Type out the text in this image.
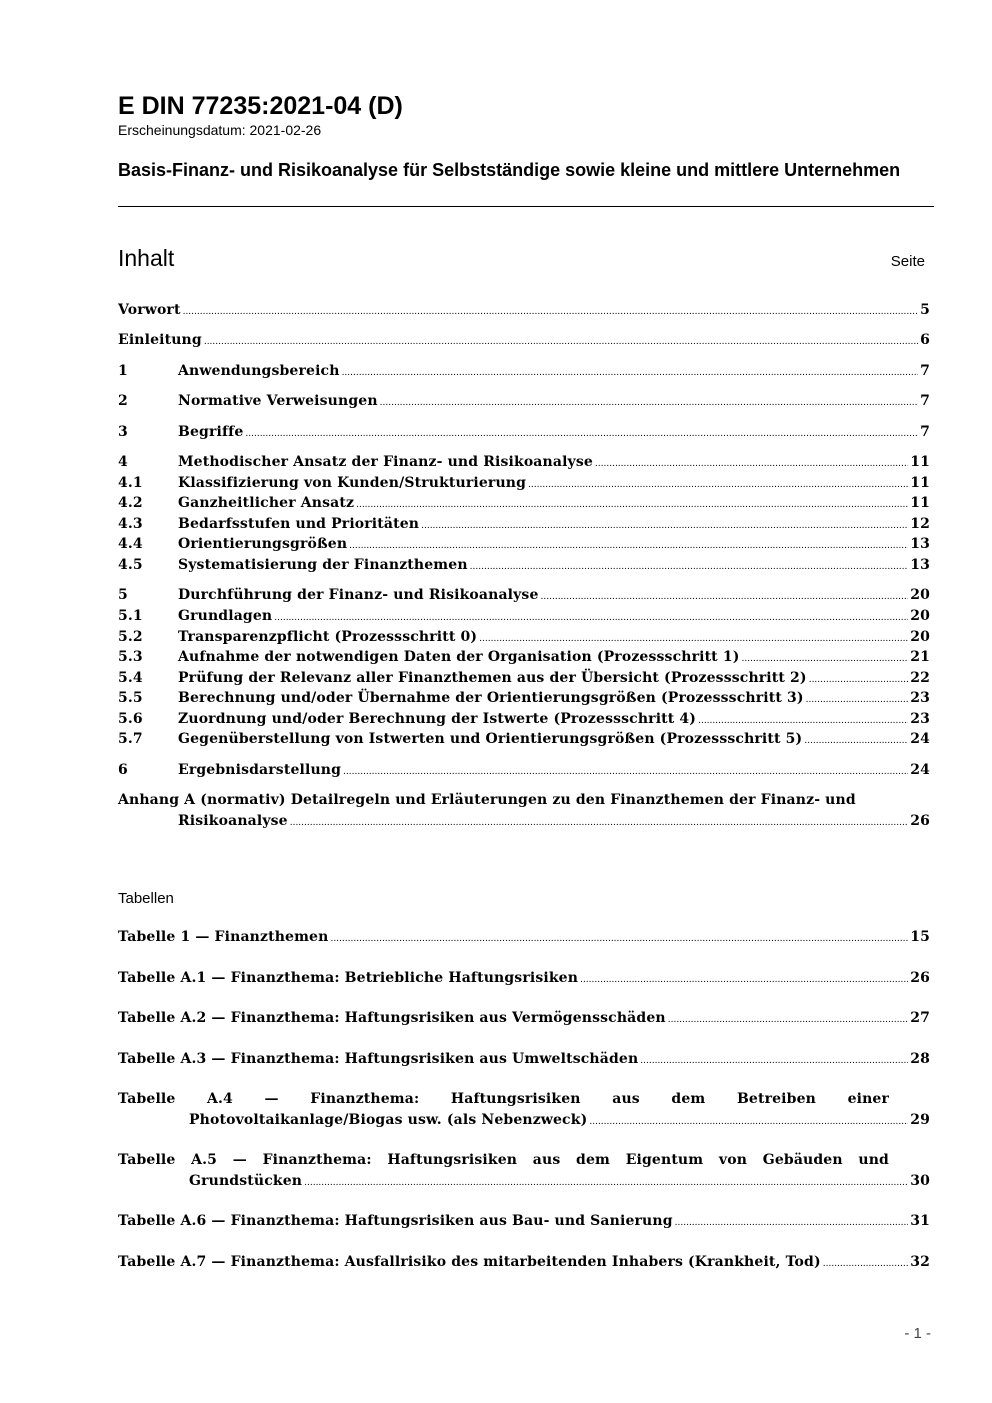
E DIN 77235:2021-04 (D)
Erscheinungsdatum: 2021-02-26
Basis-Finanz- und Risikoanalyse für Selbstständige sowie kleine und mittlere Unternehmen
Inhalt	Seite
Vorwort .....	5
Einleitung .....	6
1	Anwendungsbereich .....	7
2	Normative Verweisungen .....	7
3	Begriffe .....	7
4	Methodischer Ansatz der Finanz- und Risikoanalyse .....	11
4.1	Klassifizierung von Kunden/Strukturierung .....	11
4.2	Ganzheitlicher Ansatz .....	11
4.3	Bedarfsstufen und Prioritäten .....	12
4.4	Orientierungsgrößen .....	13
4.5	Systematisierung der Finanzthemen .....	13
5	Durchführung der Finanz- und Risikoanalyse .....	20
5.1	Grundlagen .....	20
5.2	Transparenzpflicht (Prozessschritt 0) .....	20
5.3	Aufnahme der notwendigen Daten der Organisation (Prozessschritt 1) .....	21
5.4	Prüfung der Relevanz aller Finanzthemen aus der Übersicht (Prozessschritt 2) .....	22
5.5	Berechnung und/oder Übernahme der Orientierungsgrößen (Prozessschritt 3) .....	23
5.6	Zuordnung und/oder Berechnung der Istwerte (Prozessschritt 4) .....	23
5.7	Gegenüberstellung von Istwerten und Orientierungsgrößen (Prozessschritt 5) .....	24
6	Ergebnisdarstellung .....	24
Anhang A (normativ) Detailregeln und Erläuterungen zu den Finanzthemen der Finanz- und
Risikoanalyse .....	26
Tabellen
Tabelle 1 — Finanzthemen .....	15
Tabelle A.1 — Finanzthema: Betriebliche Haftungsrisiken .....	26
Tabelle A.2 — Finanzthema: Haftungsrisiken aus Vermögensschäden .....	27
Tabelle A.3 — Finanzthema: Haftungsrisiken aus Umweltschäden .....	28
Tabelle A.4 — Finanzthema: Haftungsrisiken aus dem Betreiben einer
Photovoltaikanlage/Biogas usw. (als Nebenzweck) .....	29
Tabelle A.5 — Finanzthema: Haftungsrisiken aus dem Eigentum von Gebäuden und
Grundstücken .....	30
Tabelle A.6 — Finanzthema: Haftungsrisiken aus Bau- und Sanierung .....	31
Tabelle A.7 — Finanzthema: Ausfallrisiko des mitarbeitenden Inhabers (Krankheit, Tod) .....	32
- 1 -
